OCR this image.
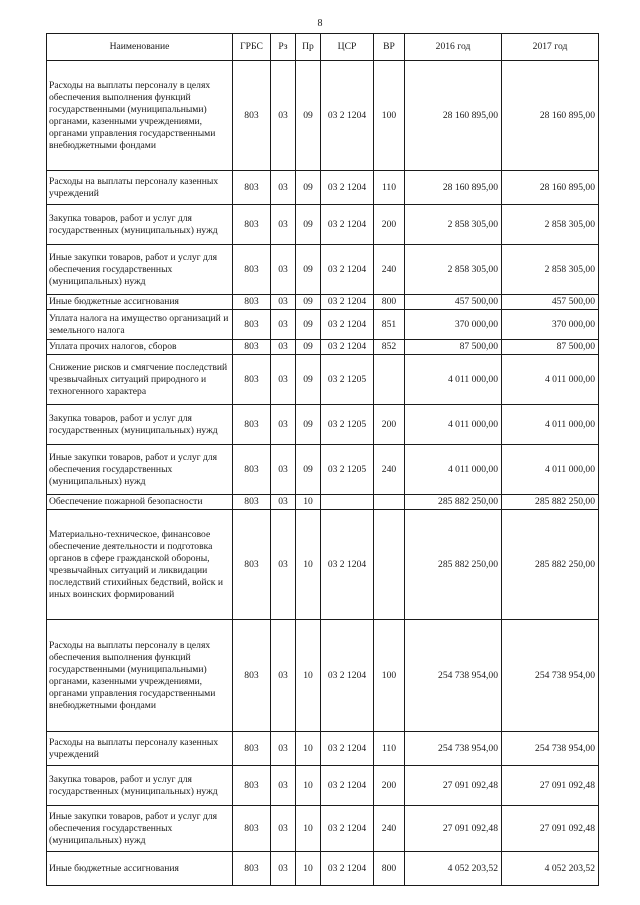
8
Наименование	ГРБС	Рз	Пр	ЦСР	ВР	2016 год	2017 год
Расходы на выплаты персоналу в целях обеспечения выполнения функций государственными (муниципальными) органами, казенными учреждениями, органами управления государственными внебюджетными фондами	803	03	09	03 2 1204	100	28 160 895,00	28 160 895,00
Расходы на выплаты персоналу казенных учреждений	803	03	09	03 2 1204	110	28 160 895,00	28 160 895,00
Закупка товаров, работ и услуг для государственных (муниципальных) нужд	803	03	09	03 2 1204	200	2 858 305,00	2 858 305,00
Иные закупки товаров, работ и услуг для обеспечения государственных (муниципальных) нужд	803	03	09	03 2 1204	240	2 858 305,00	2 858 305,00
Иные бюджетные ассигнования	803	03	09	03 2 1204	800	457 500,00	457 500,00
Уплата налога на имущество организаций и земельного налога	803	03	09	03 2 1204	851	370 000,00	370 000,00
Уплата прочих налогов, сборов	803	03	09	03 2 1204	852	87 500,00	87 500,00
Снижение рисков и смягчение последствий чрезвычайных ситуаций природного и техногенного характера	803	03	09	03 2 1205		4 011 000,00	4 011 000,00
Закупка товаров, работ и услуг для государственных (муниципальных) нужд	803	03	09	03 2 1205	200	4 011 000,00	4 011 000,00
Иные закупки товаров, работ и услуг для обеспечения государственных (муниципальных) нужд	803	03	09	03 2 1205	240	4 011 000,00	4 011 000,00
Обеспечение пожарной безопасности	803	03	10			285 882 250,00	285 882 250,00
Материально-техническое, финансовое обеспечение деятельности и подготовка органов в сфере гражданской обороны, чрезвычайных ситуаций и ликвидации последствий стихийных бедствий, войск и иных воинских формирований	803	03	10	03 2 1204		285 882 250,00	285 882 250,00
Расходы на выплаты персоналу в целях обеспечения выполнения функций государственными (муниципальными) органами, казенными учреждениями, органами управления государственными внебюджетными фондами	803	03	10	03 2 1204	100	254 738 954,00	254 738 954,00
Расходы на выплаты персоналу казенных учреждений	803	03	10	03 2 1204	110	254 738 954,00	254 738 954,00
Закупка товаров, работ и услуг для государственных (муниципальных) нужд	803	03	10	03 2 1204	200	27 091 092,48	27 091 092,48
Иные закупки товаров, работ и услуг для обеспечения государственных (муниципальных) нужд	803	03	10	03 2 1204	240	27 091 092,48	27 091 092,48
Иные бюджетные ассигнования	803	03	10	03 2 1204	800	4 052 203,52	4 052 203,52
